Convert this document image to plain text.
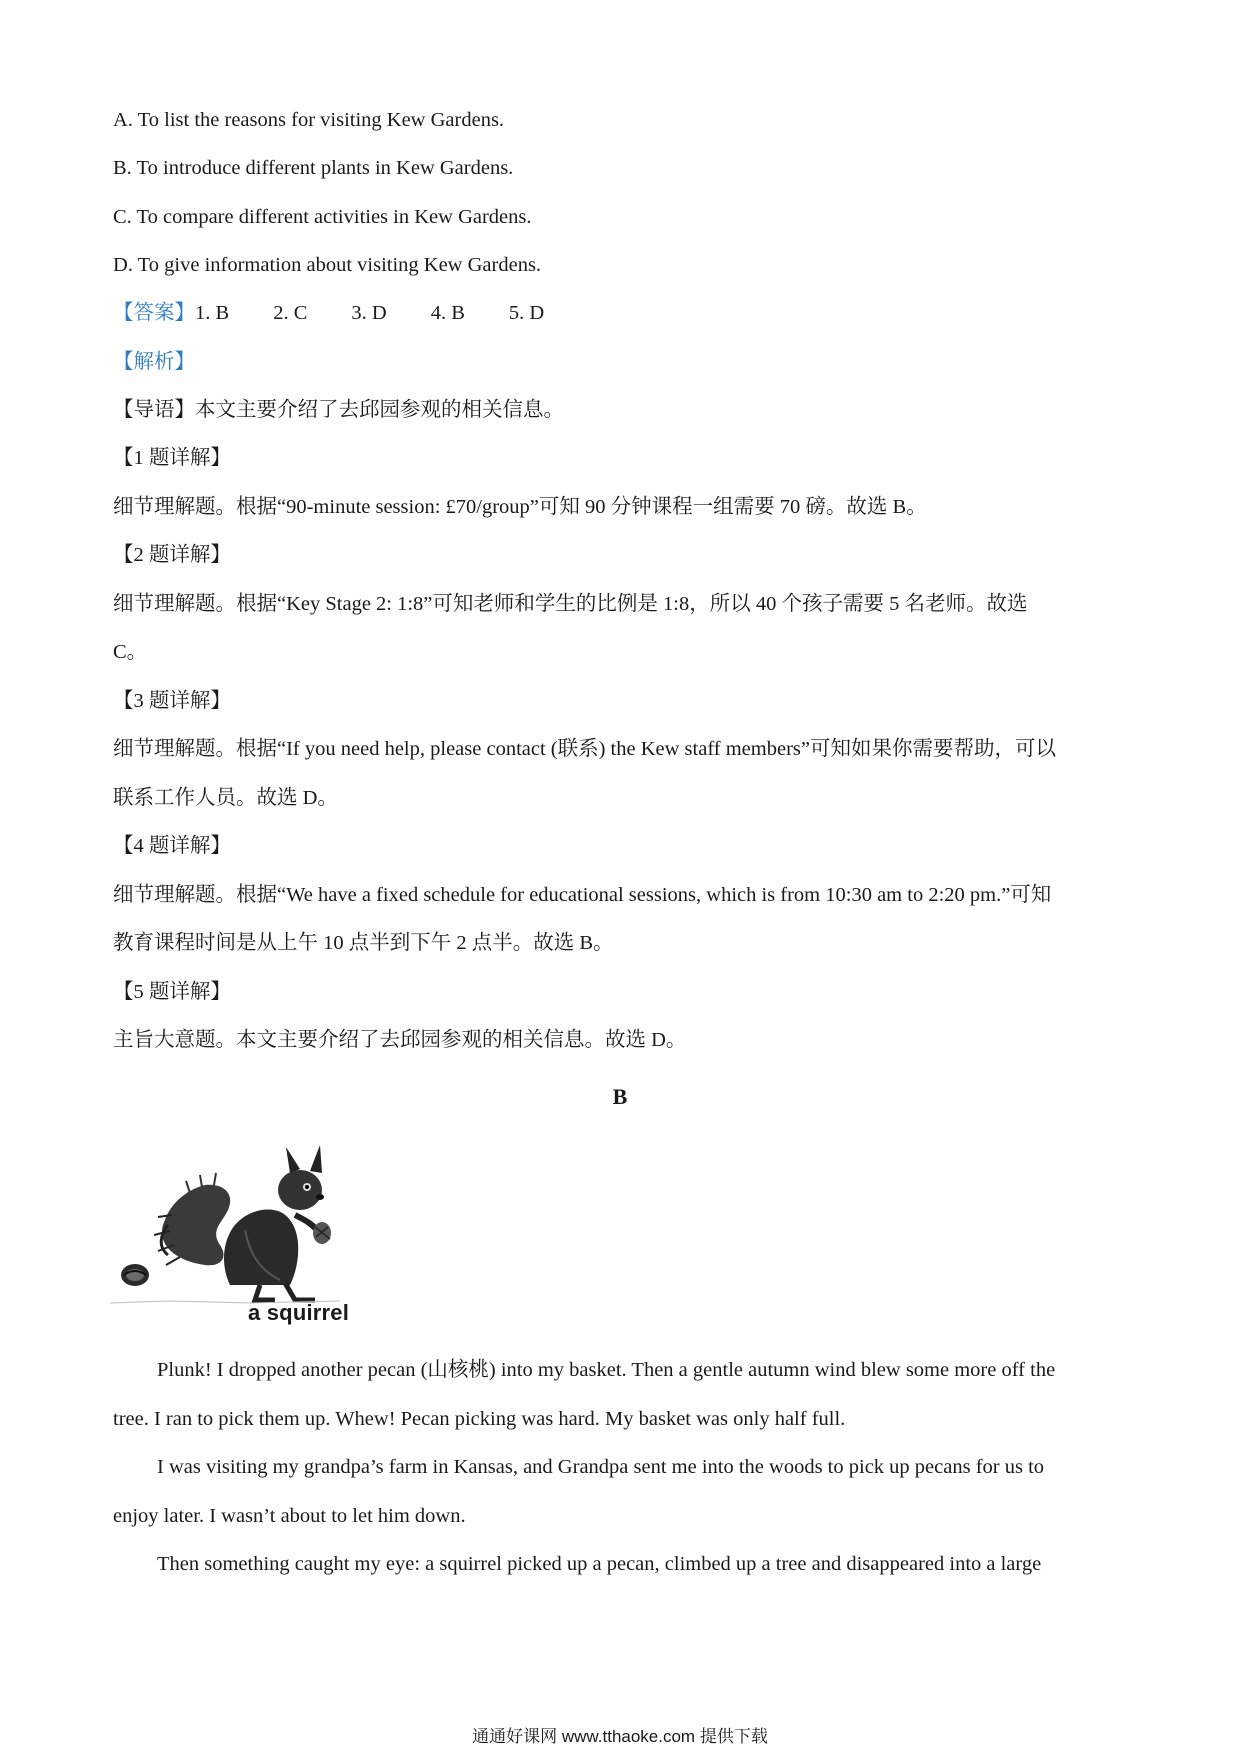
A. To list the reasons for visiting Kew Gardens.
B. To introduce different plants in Kew Gardens.
C. To compare different activities in Kew Gardens.
D. To give information about visiting Kew Gardens.
【答案】1. B 2. C 3. D 4. B 5. D
【解析】
【导语】本文主要介绍了去邱园参观的相关信息。
【1 题详解】
细节理解题。根据“90-minute session: £70/group”可知 90 分钟课程一组需要 70 磅。故选 B。
【2 题详解】
细节理解题。根据“Key Stage 2: 1:8”可知老师和学生的比例是 1:8，所以 40 个孩子需要 5 名老师。故选
C。
【3 题详解】
细节理解题。根据“If you need help, please contact (联系) the Kew staff members”可知如果你需要帮助，可以
联系工作人员。故选 D。
【4 题详解】
细节理解题。根据“We have a fixed schedule for educational sessions, which is from 10:30 am to 2:20 pm.”可知
教育课程时间是从上午 10 点半到下午 2 点半。故选 B。
【5 题详解】
主旨大意题。本文主要介绍了去邱园参观的相关信息。故选 D。
B
a squirrel
Plunk! I dropped another pecan (山核桃) into my basket. Then a gentle autumn wind blew some more off the
tree. I ran to pick them up. Whew! Pecan picking was hard. My basket was only half full.
I was visiting my grandpa’s farm in Kansas, and Grandpa sent me into the woods to pick up pecans for us to
enjoy later. I wasn’t about to let him down.
Then something caught my eye: a squirrel picked up a pecan, climbed up a tree and disappeared into a large
通通好课网 www.tthaoke.com 提供下载
